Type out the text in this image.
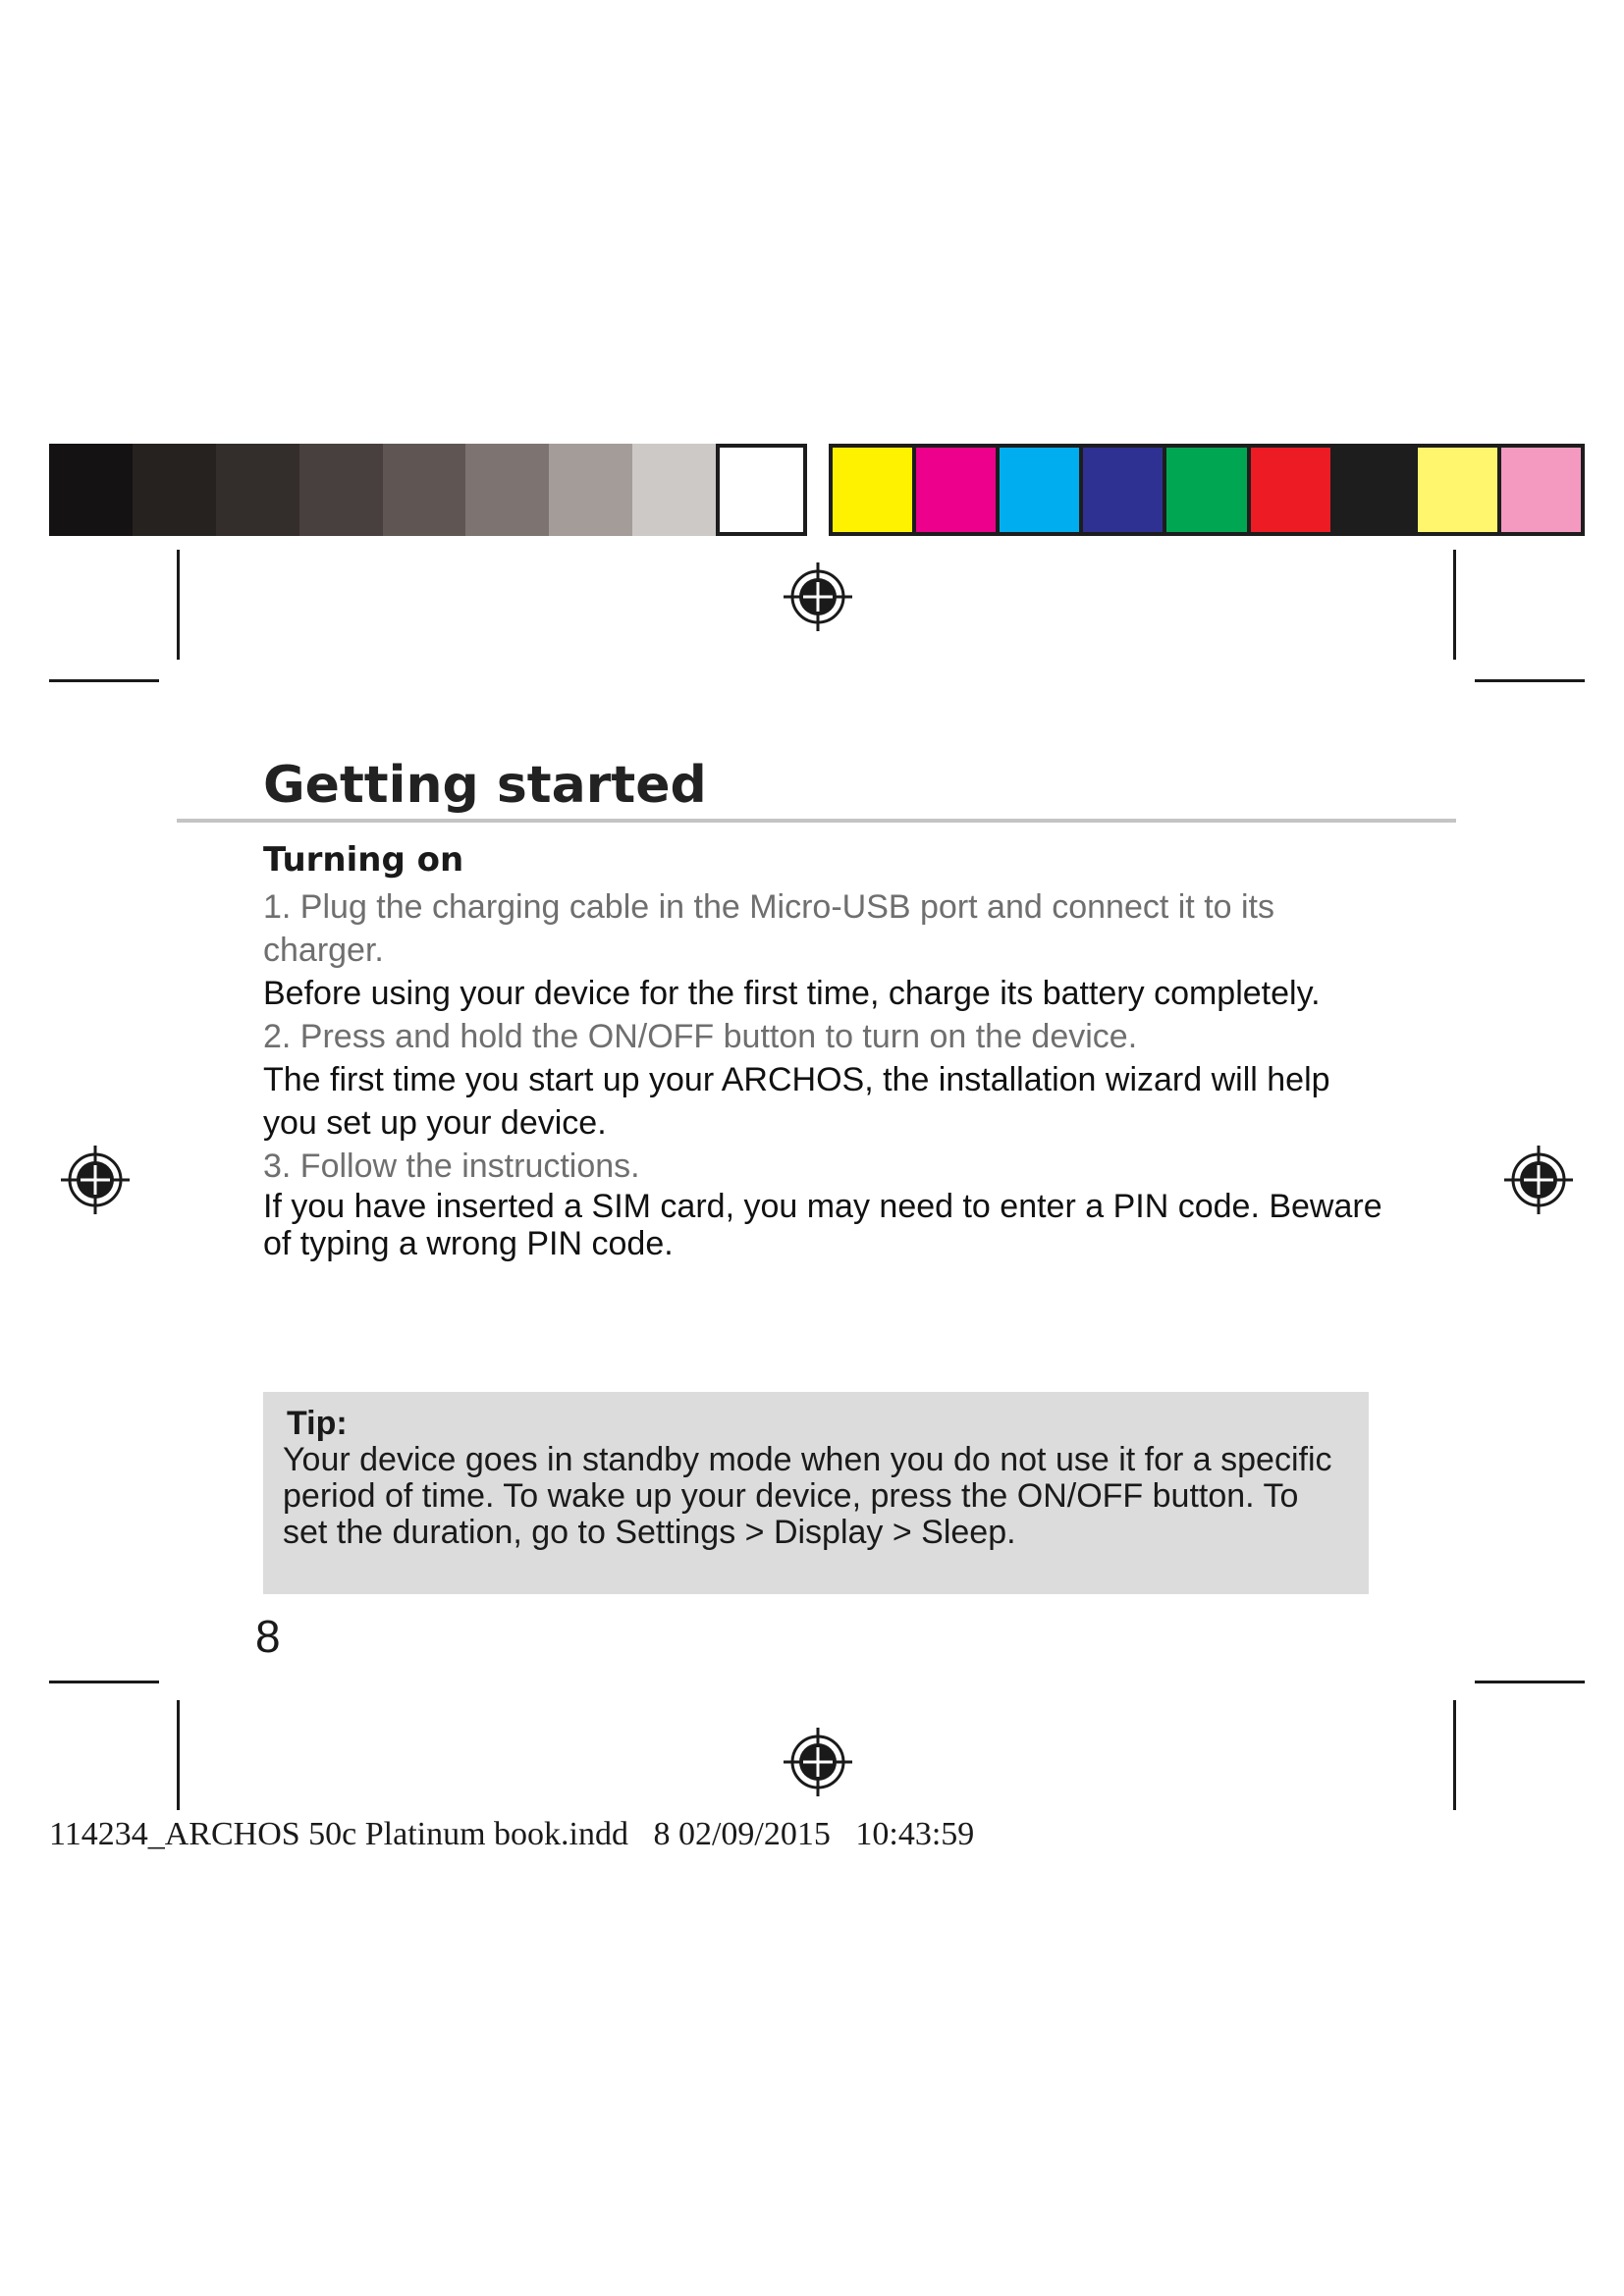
Getting started
Turning on

1. Plug the charging cable in the Micro-USB port and connect it to its charger.

Before using your device for the first time, charge its battery completely.

2. Press and hold the ON/OFF button to turn on the device.

The first time you start up your ARCHOS, the installation wizard will help you set up your device.

3. Follow the instructions.

If you have inserted a SIM card, you may need to enter a PIN code. Beware of typing a wrong PIN code.

Tip:

Your device goes in standby mode when you do not use it for a specific period of time. To wake up your device, press the ON/OFF button. To set the duration, go to Settings > Display > Sleep.

8
114234_ARCHOS 50c Platinum book.indd   8 02/09/2015   10:43:59
